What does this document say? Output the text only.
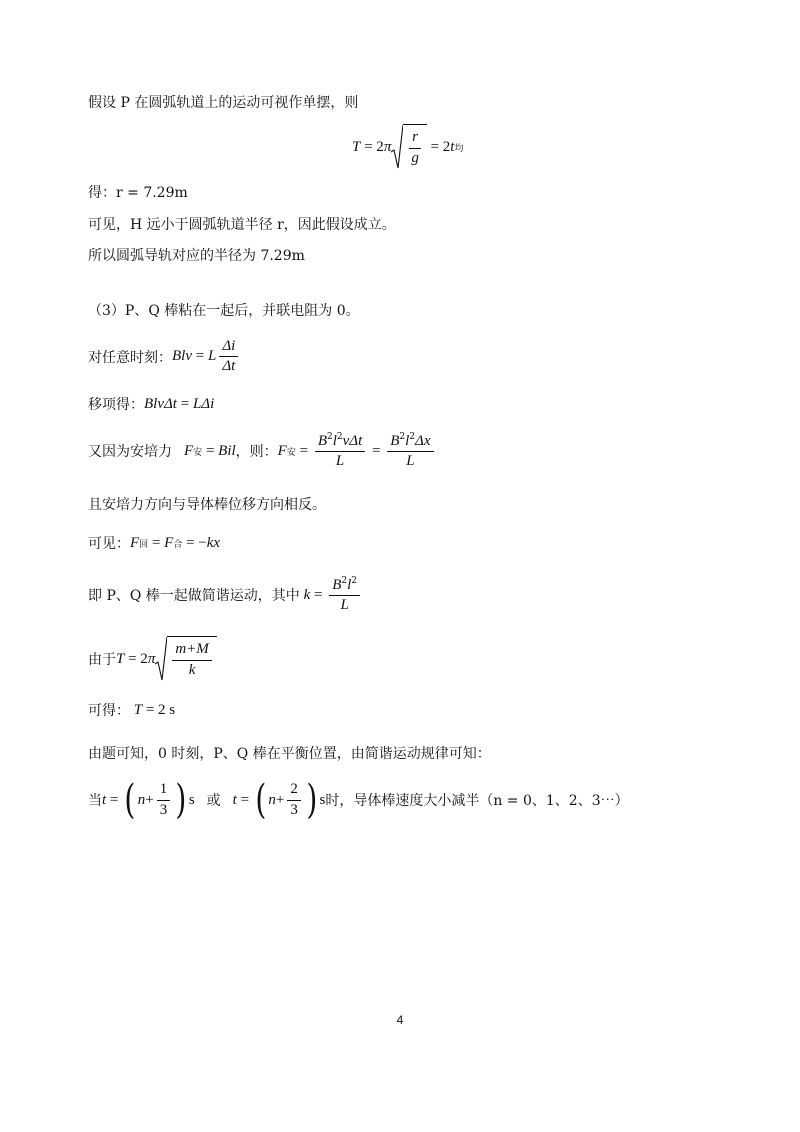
假设 P 在圆弧轨道上的运动可视作单摆，则
T = 2 π $\frac{r}{g} = 2$ t 均
得：r = 7.29m
可见，H 远小于圆弧轨道半径 r，因此假设成立。
所以圆弧导轨对应的半径为 7.29m
（3）P、Q 棒粘在一起后，并联电阻为 0。
对任意时刻： Blv = L $\frac{\Delta i}{\Delta t}$
移项得： BlvΔt = LΔi
又因为安培力 F 安 = Bil ，则： F 安 = $\frac{B^2l^2v\Delta t}{L} = \frac{B^2l^2\Delta x}{L}$
且安培力方向与导体棒位移方向相反。
可见： F 回 = F 合 = − kx
即 P、Q 棒一起做简谐运动，其中 $k = \frac{B^2l^2}{L}$
由于 T = 2 π $\frac{m+M}{k}$
可得： T = 2 s
由题可知，0 时刻，P、Q 棒在平衡位置，由简谐运动规律可知：
当 t = ( $n + \frac{1}{3}$ ) s 或 t = ( $n + \frac{2}{3}$ ) s 时，导体棒速度大小减半（n = 0、1、2、3⋯）
4
